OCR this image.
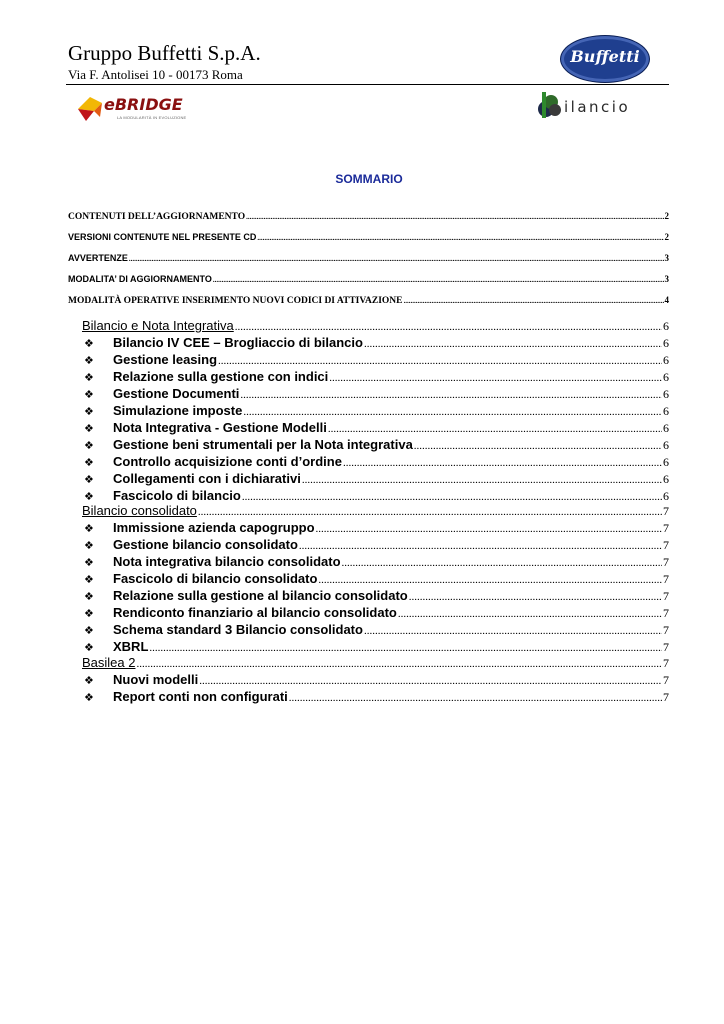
Gruppo Buffetti S.p.A.
Via F. Antolisei 10 - 00173 Roma
Buffetti
eBRIDGE
LA MODULARITÀ IN EVOLUZIONE
ilancio
SOMMARIO
CONTENUTI DELL’AGGIORNAMENTO .....	2
VERSIONI CONTENUTE NEL PRESENTE CD .....	2
AVVERTENZE .....	3
MODALITA’ DI AGGIORNAMENTO .....	3
MODALITÀ OPERATIVE INSERIMENTO NUOVI CODICI DI ATTIVAZIONE .....	4
Bilancio e Nota Integrativa .....	6
❖	Bilancio IV CEE – Brogliaccio di bilancio .....	6
❖	Gestione leasing .....	6
❖	Relazione sulla gestione con indici .....	6
❖	Gestione Documenti .....	6
❖	Simulazione imposte .....	6
❖	Nota Integrativa - Gestione Modelli .....	6
❖	Gestione beni strumentali per la Nota integrativa .....	6
❖	Controllo acquisizione conti d’ordine .....	6
❖	Collegamenti con i dichiarativi .....	6
❖	Fascicolo di bilancio .....	6
Bilancio consolidato .....	7
❖	Immissione azienda capogruppo .....	7
❖	Gestione bilancio consolidato .....	7
❖	Nota integrativa bilancio consolidato .....	7
❖	Fascicolo di bilancio consolidato .....	7
❖	Relazione sulla gestione al bilancio consolidato .....	7
❖	Rendiconto finanziario al bilancio consolidato .....	7
❖	Schema standard 3 Bilancio consolidato .....	7
❖	XBRL .....	7
Basilea 2 .....	7
❖	Nuovi modelli .....	7
❖	Report conti non configurati .....	7
